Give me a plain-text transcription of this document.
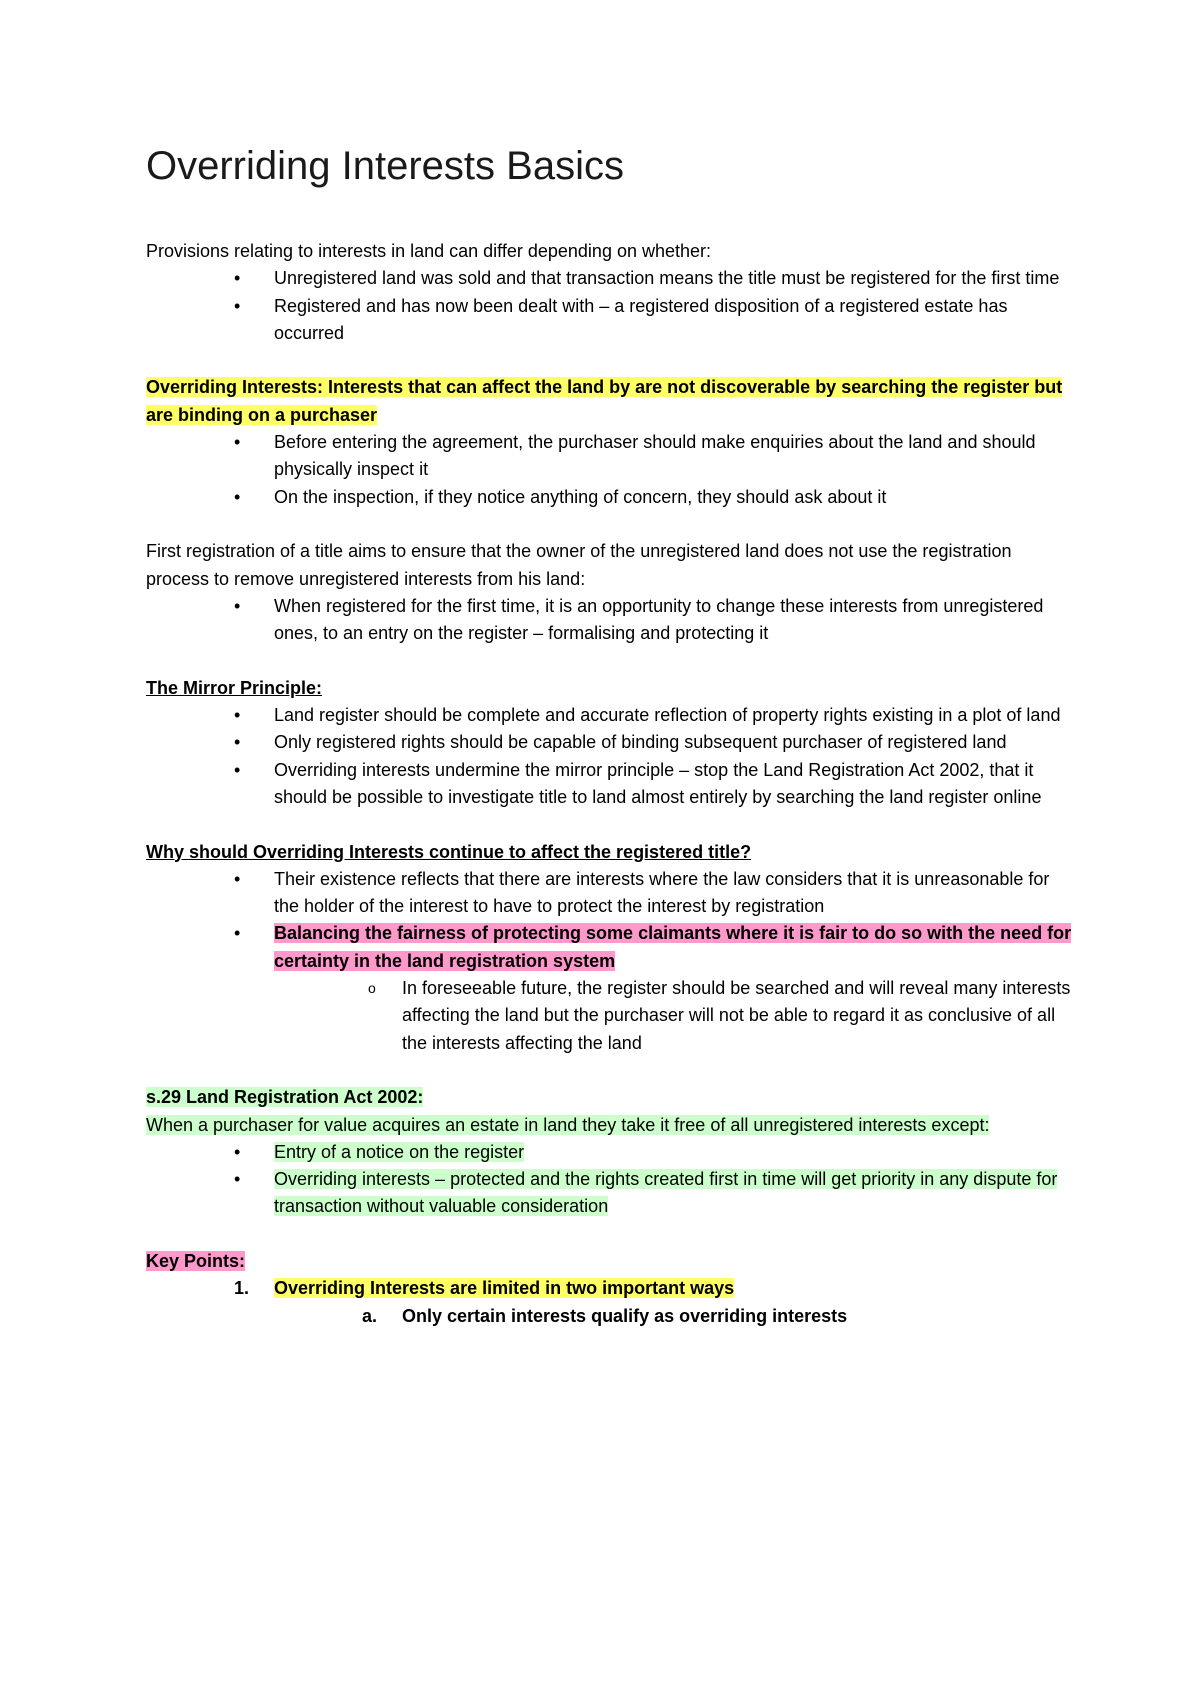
Overriding Interests Basics

Provisions relating to interests in land can differ depending on whether:

• Unregistered land was sold and that transaction means the title must be registered for the first time
• Registered and has now been dealt with – a registered disposition of a registered estate has occurred

Overriding Interests: Interests that can affect the land by are not discoverable by searching the register but are binding on a purchaser

• Before entering the agreement, the purchaser should make enquiries about the land and should physically inspect it
• On the inspection, if they notice anything of concern, they should ask about it

First registration of a title aims to ensure that the owner of the unregistered land does not use the registration process to remove unregistered interests from his land:

• When registered for the first time, it is an opportunity to change these interests from unregistered ones, to an entry on the register – formalising and protecting it

The Mirror Principle:

• Land register should be complete and accurate reflection of property rights existing in a plot of land
• Only registered rights should be capable of binding subsequent purchaser of registered land
• Overriding interests undermine the mirror principle – stop the Land Registration Act 2002, that it should be possible to investigate title to land almost entirely by searching the land register online

Why should Overriding Interests continue to affect the registered title?

• Their existence reflects that there are interests where the law considers that it is unreasonable for the holder of the interest to have to protect the interest by registration
• Balancing the fairness of protecting some claimants where it is fair to do so with the need for certainty in the land registration system
o In foreseeable future, the register should be searched and will reveal many interests affecting the land but the purchaser will not be able to regard it as conclusive of all the interests affecting the land

s.29 Land Registration Act 2002:

When a purchaser for value acquires an estate in land they take it free of all unregistered interests except:

• Entry of a notice on the register
• Overriding interests – protected and the rights created first in time will get priority in any dispute for transaction without valuable consideration

Key Points:

1. Overriding Interests are limited in two important ways
a. Only certain interests qualify as overriding interests
